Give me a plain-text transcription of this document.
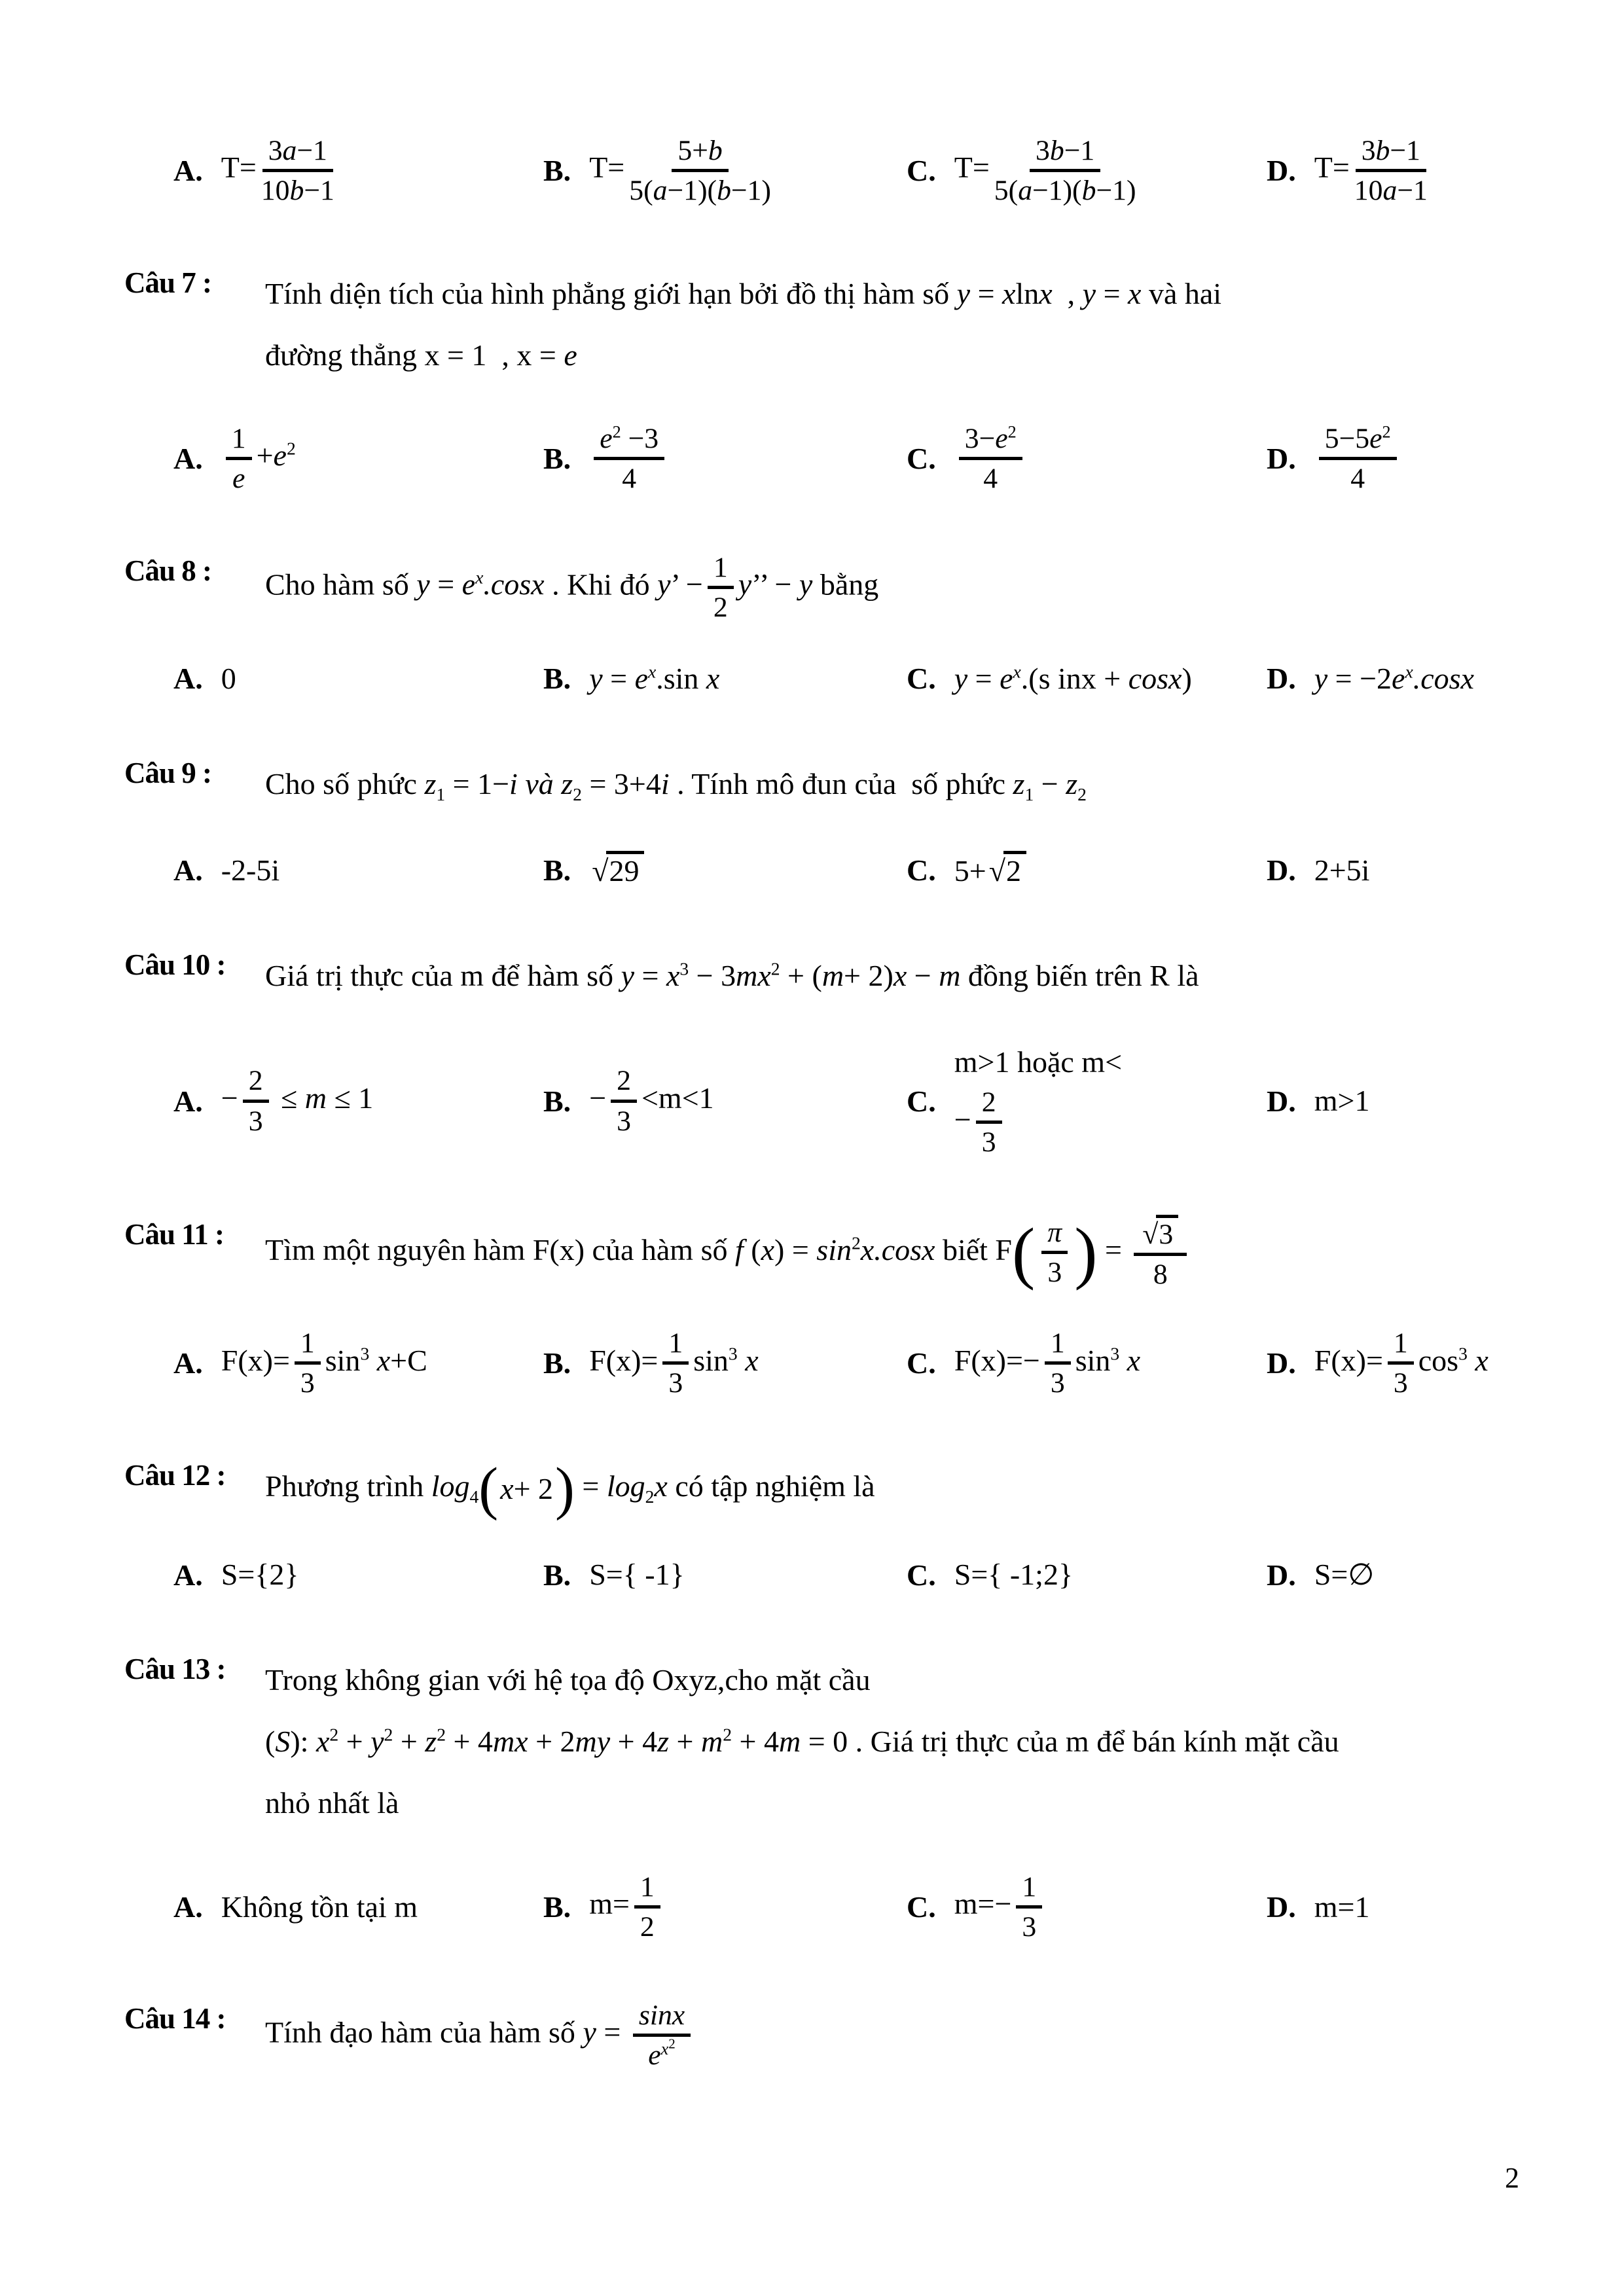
A. $T= \frac{3a-1}{10b-1}$	B. $T= \frac{5+b}{5(a-1)(b-1)}$	C. $T= \frac{3b-1}{5(a-1)(b-1)}$	D. $T= \frac{3b-1}{10a-1}$
Câu 7 :	Tính diện tích của hình phẳng giới hạn bởi đồ thị hàm số y = xlnx  , y = x và hai
đường thẳng x = 1  , x = e
A. $\frac{1}{e} +e^2$	B. $\frac{e^2 -3}{4}$	C. $\frac{3-e^2}{4}$	D. $\frac{5-5e^2}{4}$
Câu 8 :	Cho hàm số $y = e^x.\cos x$ . Khi đó y’ − $\frac{1}{2} y$’’ − y bằng
A. 0	B. $y = e^x.\sin$ x	C. $y = e^x.(s$ inx + cosx) D. $y = -2e^x.\cos x$
Câu 9 :	Cho số phức $z_1 = 1-i$ và $z_2 = 3+4i$ . Tính mô đun của  số phức $z_1 - z_2$
A. -2-5i	B. √ 29	C. 5+ √ 2	D. 2+5i
Câu 10 :	Giá trị thực của m để hàm số $y = x^3 - 3mx^2 + (m+ 2)x - m$ đồng biến trên R là
A. − $\frac{2}{3} \le m \le 1$	B. − $\frac{2}{3} <m<1$	C.
m>1 hoặc m<
− $\frac{2}{3}$	D. m>1
Câu 11 :	Tìm một nguyên hàm F(x) của hàm số f $(x) = \sin^2x.\cos x$ biết F ( $\frac{\pi}{3}$ ) = $\frac{√ 3}{8}$
A. $F(x)= \frac{1}{3} \sin^3 x+C$	B. $F(x)= \frac{1}{3} \sin^3 x$	C. $F(x)=- \frac{1}{3} \sin^3 x$	D. $F(x)= \frac{1}{3} \cos^3 x$
Câu 12 :	Phương trình $\log_4$ ( x + 2 ) = $\log_2x$ có tập nghiệm là
A. S={2}	B. S={ -1}	C. S={ -1;2}	D. S=∅
Câu 13 :	Trong không gian với hệ tọa độ Oxyz,cho mặt cầu
(S): $x^2 + y^2 + z^2 + 4mx + 2my + 4z + m^2 + 4m = 0$ . Giá trị thực của m để bán kính mặt cầu
nhỏ nhất là
A. Không tồn tại m	B. $m= \frac{1}{2}$	C. $m=- \frac{1}{3}$	D. m=1
Câu 14 :	Tính đạo hàm của hàm số $y = \frac{\sin x}{e^{x^2}}$
2
